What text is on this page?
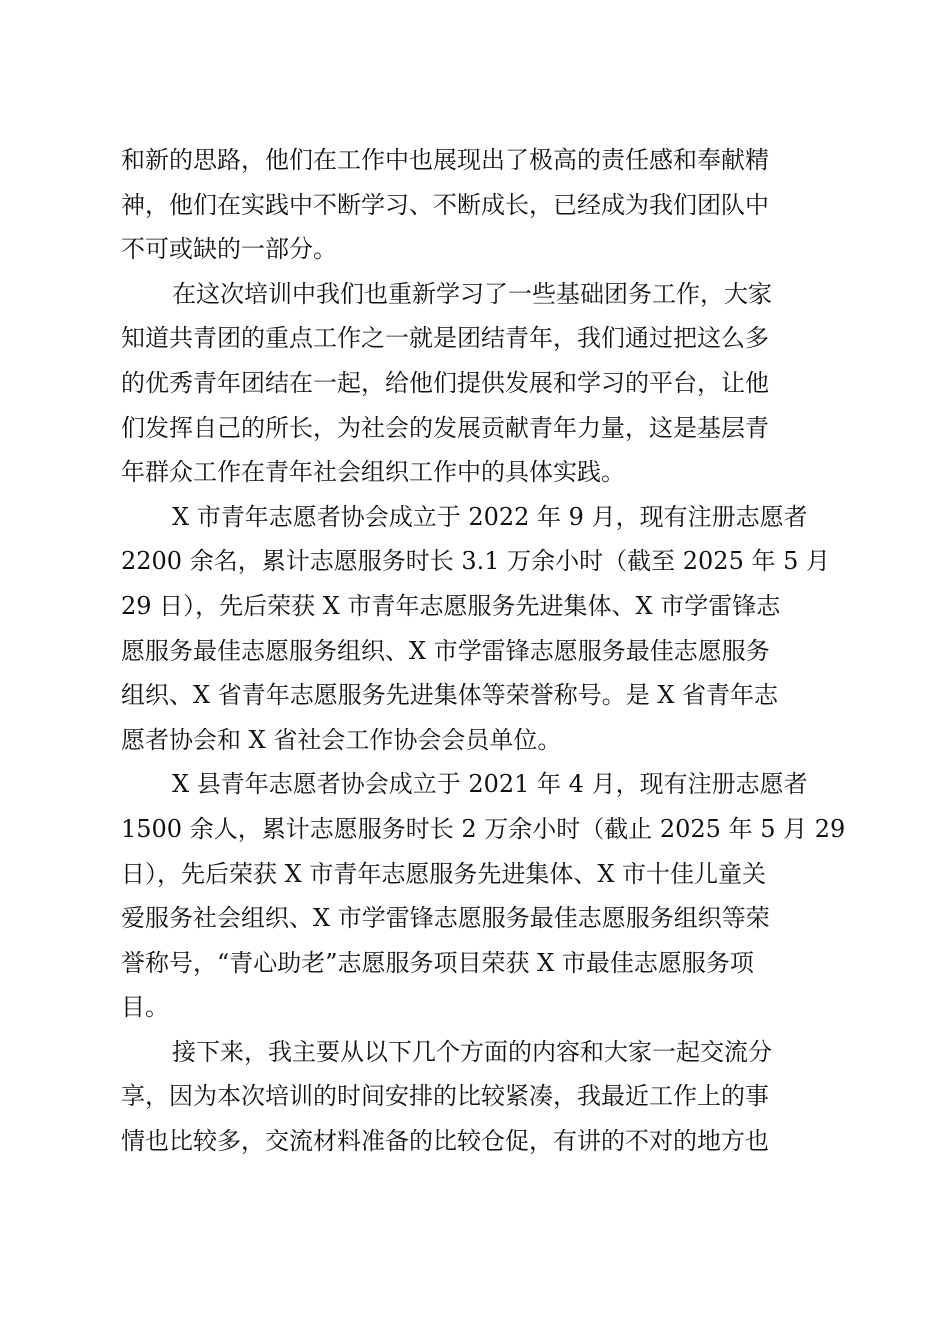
和新的思路，他们在工作中也展现出了极高的责任感和奉献精
神，他们在实践中不断学习、不断成长，已经成为我们团队中
不可或缺的一部分。
在这次培训中我们也重新学习了一些基础团务工作，大家
知道共青团的重点工作之一就是团结青年，我们通过把这么多
的优秀青年团结在一起，给他们提供发展和学习的平台，让他
们发挥自己的所长，为社会的发展贡献青年力量，这是基层青
年群众工作在青年社会组织工作中的具体实践。
X 市青年志愿者协会成立于 2022 年 9 月，现有注册志愿者
2200 余名，累计志愿服务时长 3.1 万余小时（截至 2025 年 5 月
29 日），先后荣获 X 市青年志愿服务先进集体、X 市学雷锋志
愿服务最佳志愿服务组织、X 市学雷锋志愿服务最佳志愿服务
组织、X 省青年志愿服务先进集体等荣誉称号。是 X 省青年志
愿者协会和 X 省社会工作协会会员单位。
X 县青年志愿者协会成立于 2021 年 4 月，现有注册志愿者
1500 余人，累计志愿服务时长 2 万余小时（截止 2025 年 5 月 29
日），先后荣获 X 市青年志愿服务先进集体、X 市十佳儿童关
爱服务社会组织、X 市学雷锋志愿服务最佳志愿服务组织等荣
誉称号，“青心助老”志愿服务项目荣获 X 市最佳志愿服务项
目。
接下来，我主要从以下几个方面的内容和大家一起交流分
享，因为本次培训的时间安排的比较紧凑，我最近工作上的事
情也比较多，交流材料准备的比较仓促，有讲的不对的地方也
